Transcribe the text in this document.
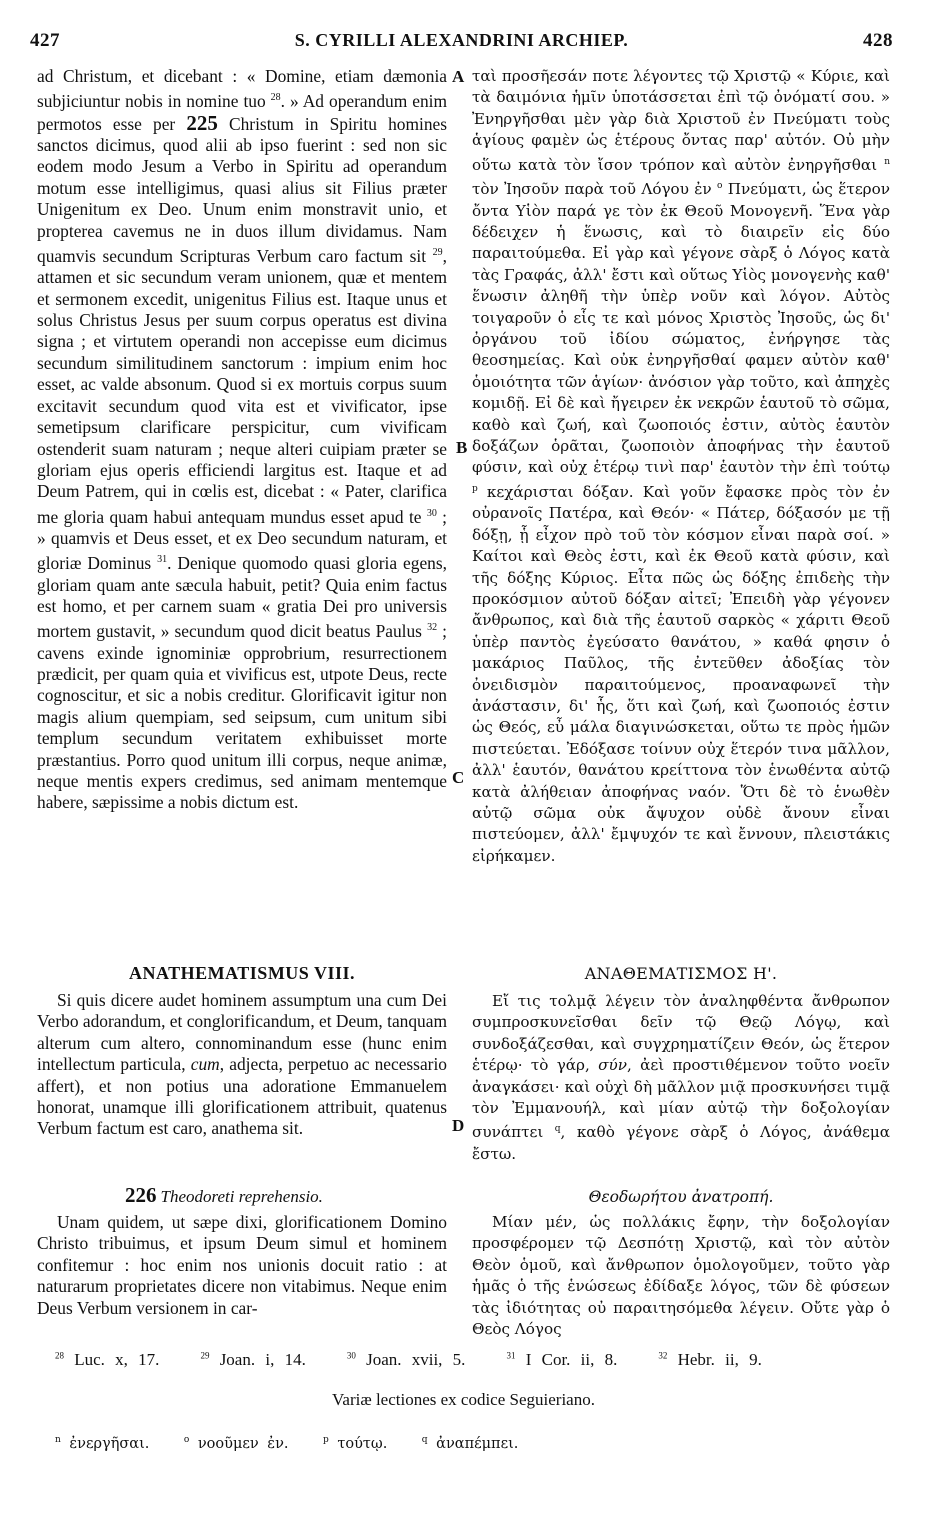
427	S. CYRILLI ALEXANDRINI ARCHIEP.	428
A
B
C
D

ad Christum, et dicebant : « Domine, etiam dæmonia subjiciuntur nobis in nomine tuo $^{28}$. » Ad operandum enim permotos esse per 225 Christum in Spiritu homines sanctos dicimus, quod alii ab ipso fuerint : sed non sic eodem modo Jesum a Verbo in Spiritu ad operandum motum esse intelligimus, quasi alius sit Filius præter Unigenitum ex Deo. Unum enim monstravit unio, et propterea cavemus ne in duos illum dividamus. Nam quamvis secundum Scripturas Verbum caro factum sit $^{29}$, attamen et sic secundum veram unionem, quæ et mentem et sermonem excedit, unigenitus Filius est. Itaque unus et solus Christus Jesus per suum corpus operatus est divina signa ; et virtutem operandi non accepisse eum dicimus secundum similitudinem sanctorum : impium enim hoc esset, ac valde absonum. Quod si ex mortuis corpus suum excitavit secundum quod vita est et vivificator, ipse semetipsum clarificare perspicitur, cum vivificam ostenderit suam naturam ; neque alteri cuipiam præter se gloriam ejus operis efficiendi largitus est. Itaque et ad Deum Patrem, qui in cœlis est, dicebat : « Pater, clarifica me gloria quam habui antequam mundus esset apud te $^{30}$ ; » quamvis et Deus esset, et ex Deo secundum naturam, et gloriæ Dominus $^{31}$. Denique quomodo quasi gloria egens, gloriam quam ante sæcula habuit, petit? Quia enim factus est homo, et per carnem suam « gratia Dei pro universis mortem gustavit, » secundum quod dicit beatus Paulus $^{32}$ ; cavens exinde ignominiæ opprobrium, resurrectionem prædicit, per quam quia et vivificus est, utpote Deus, recte cognoscitur, et sic a nobis creditur. Glorificavit igitur non magis alium quempiam, sed seipsum, cum unitum sibi templum secundum veritatem exhibuisset morte præstantius. Porro quod unitum illi corpus, neque animæ, neque mentis expers credimus, sed animam mentemque habere, sæpissime a nobis dictum est.

ANATHEMATISMUS VIII.

Si quis dicere audet hominem assumptum una cum Dei Verbo adorandum, et conglorificandum, et Deum, tanquam alterum cum altero, connominandum esse (hunc enim intellectum particula, cum, adjecta, perpetuo ac necessario affert), et non potius una adoratione Emmanuelem honorat, unamque illi glorificationem attribuit, quatenus Verbum factum est caro, anathema sit.

226 Theodoreti reprehensio.

Unam quidem, ut sæpe dixi, glorificationem Domino Christo tribuimus, et ipsum Deum simul et hominem confitemur : hoc enim nos unionis docuit ratio : at naturarum proprietates dicere non vitabimus. Neque enim Deus Verbum versionem in car-

ταὶ προσῆεσάν ποτε λέγοντες τῷ Χριστῷ « Κύριε, καὶ τὰ δαιμόνια ἡμῖν ὑποτάσσεται ἐπὶ τῷ ὀνόματί σου. » Ἐνηργῆσθαι μὲν γὰρ διὰ Χριστοῦ ἐν Πνεύματι τοὺς ἁγίους φαμὲν ὡς ἑτέρους ὄντας παρ' αὐτόν. Οὐ μὴν οὕτω κατὰ τὸν ἴσον τρόπον καὶ αὐτὸν ἐνηργῆσθαι $^n$ τὸν Ἰησοῦν παρὰ τοῦ Λόγου ἐν $^o$ Πνεύματι, ὡς ἕτερον ὄντα Υἱὸν παρά γε τὸν ἐκ Θεοῦ Μονογενῆ. Ἕνα γὰρ δέδειχεν ἡ ἕνωσις, καὶ τὸ διαιρεῖν εἰς δύο παραιτούμεθα. Εἰ γὰρ καὶ γέγονε σὰρξ ὁ Λόγος κατὰ τὰς Γραφάς, ἀλλ' ἔστι καὶ οὕτως Υἱὸς μονογενὴς καθ' ἕνωσιν ἀληθῆ τὴν ὑπὲρ νοῦν καὶ λόγον. Αὐτὸς τοιγαροῦν ὁ εἷς τε καὶ μόνος Χριστὸς Ἰησοῦς, ὡς δι' ὀργάνου τοῦ ἰδίου σώματος, ἐνήργησε τὰς θεοσημείας. Καὶ οὐκ ἐνηργῆσθαί φαμεν αὐτὸν καθ' ὁμοιότητα τῶν ἁγίων· ἀνόσιον γὰρ τοῦτο, καὶ ἀπηχὲς κομιδῇ. Εἰ δὲ καὶ ἤγειρεν ἐκ νεκρῶν ἑαυτοῦ τὸ σῶμα, καθὸ καὶ ζωή, καὶ ζωοποιός ἐστιν, αὐτὸς ἑαυτὸν δοξάζων ὁρᾶται, ζωοποιὸν ἀποφήνας τὴν ἑαυτοῦ φύσιν, καὶ οὐχ ἑτέρῳ τινὶ παρ' ἑαυτὸν τὴν ἐπὶ τούτῳ $^p$ κεχάρισται δόξαν. Καὶ γοῦν ἔφασκε πρὸς τὸν ἐν οὐρανοῖς Πατέρα, καὶ Θεόν· « Πάτερ, δόξασόν με τῇ δόξῃ, ᾗ εἶχον πρὸ τοῦ τὸν κόσμον εἶναι παρὰ σοί. » Καίτοι καὶ Θεὸς ἐστι, καὶ ἐκ Θεοῦ κατὰ φύσιν, καὶ τῆς δόξης Κύριος. Εἶτα πῶς ὡς δόξης ἐπιδεὴς τὴν προκόσμιον αὐτοῦ δόξαν αἰτεῖ; Ἐπειδὴ γὰρ γέγονεν ἄνθρωπος, καὶ διὰ τῆς ἑαυτοῦ σαρκὸς « χάριτι Θεοῦ ὑπὲρ παντὸς ἐγεύσατο θανάτου, » καθά φησιν ὁ μακάριος Παῦλος, τῆς ἐντεῦθεν ἀδοξίας τὸν ὀνειδισμὸν παραιτούμενος, προαναφωνεῖ τὴν ἀνάστασιν, δι' ἧς, ὅτι καὶ ζωή, καὶ ζωοποιός ἐστιν ὡς Θεός, εὖ μάλα διαγινώσκεται, οὕτω τε πρὸς ἡμῶν πιστεύεται. Ἐδόξασε τοίνυν οὐχ ἕτερόν τινα μᾶλλον, ἀλλ' ἑαυτόν, θανάτου κρείττονα τὸν ἑνωθέντα αὐτῷ κατὰ ἀλήθειαν ἀποφήνας ναόν. Ὅτι δὲ τὸ ἑνωθὲν αὐτῷ σῶμα οὐκ ἄψυχον οὐδὲ ἄνουν εἶναι πιστεύομεν, ἀλλ' ἔμψυχόν τε καὶ ἔννουν, πλειστάκις εἰρήκαμεν.

ΑΝΑΘΕΜΑΤΙΣΜΟΣ Η'.

Εἴ τις τολμᾷ λέγειν τὸν ἀναληφθέντα ἄνθρωπον συμπροσκυνεῖσθαι δεῖν τῷ Θεῷ Λόγῳ, καὶ συνδοξάζεσθαι, καὶ συγχρηματίζειν Θεόν, ὡς ἕτερον ἑτέρῳ· τὸ γάρ, σύν, ἀεὶ προστιθέμενον τοῦτο νοεῖν ἀναγκάσει· καὶ οὐχὶ δὴ μᾶλλον μιᾷ προσκυνήσει τιμᾷ τὸν Ἐμμανουήλ, καὶ μίαν αὐτῷ τὴν δοξολογίαν συνάπτει $^q$, καθὸ γέγονε σὰρξ ὁ Λόγος, ἀνάθεμα ἔστω.

Θεοδωρήτου ἀνατροπή.

Μίαν μέν, ὡς πολλάκις ἔφην, τὴν δοξολογίαν προσφέρομεν τῷ Δεσπότῃ Χριστῷ, καὶ τὸν αὐτὸν Θεὸν ὁμοῦ, καὶ ἄνθρωπον ὁμολογοῦμεν, τοῦτο γὰρ ἡμᾶς ὁ τῆς ἑνώσεως ἐδίδαξε λόγος, τῶν δὲ φύσεων τὰς ἰδιότητας οὐ παραιτησόμεθα λέγειν. Οὔτε γὰρ ὁ Θεὸς Λόγος

$^{28}$ Luc. x, 17.	$^{29}$ Joan. i, 14.	$^{30}$ Joan. xvii, 5.	$^{31}$ I Cor. ii, 8.	$^{32}$ Hebr. ii, 9.
Variæ lectiones ex codice Seguieriano.
$^n$ ἐνεργῆσαι.	$^o$ νοοῦμεν ἐν.	$^p$ τούτῳ.	$^q$ ἀναπέμπει.
